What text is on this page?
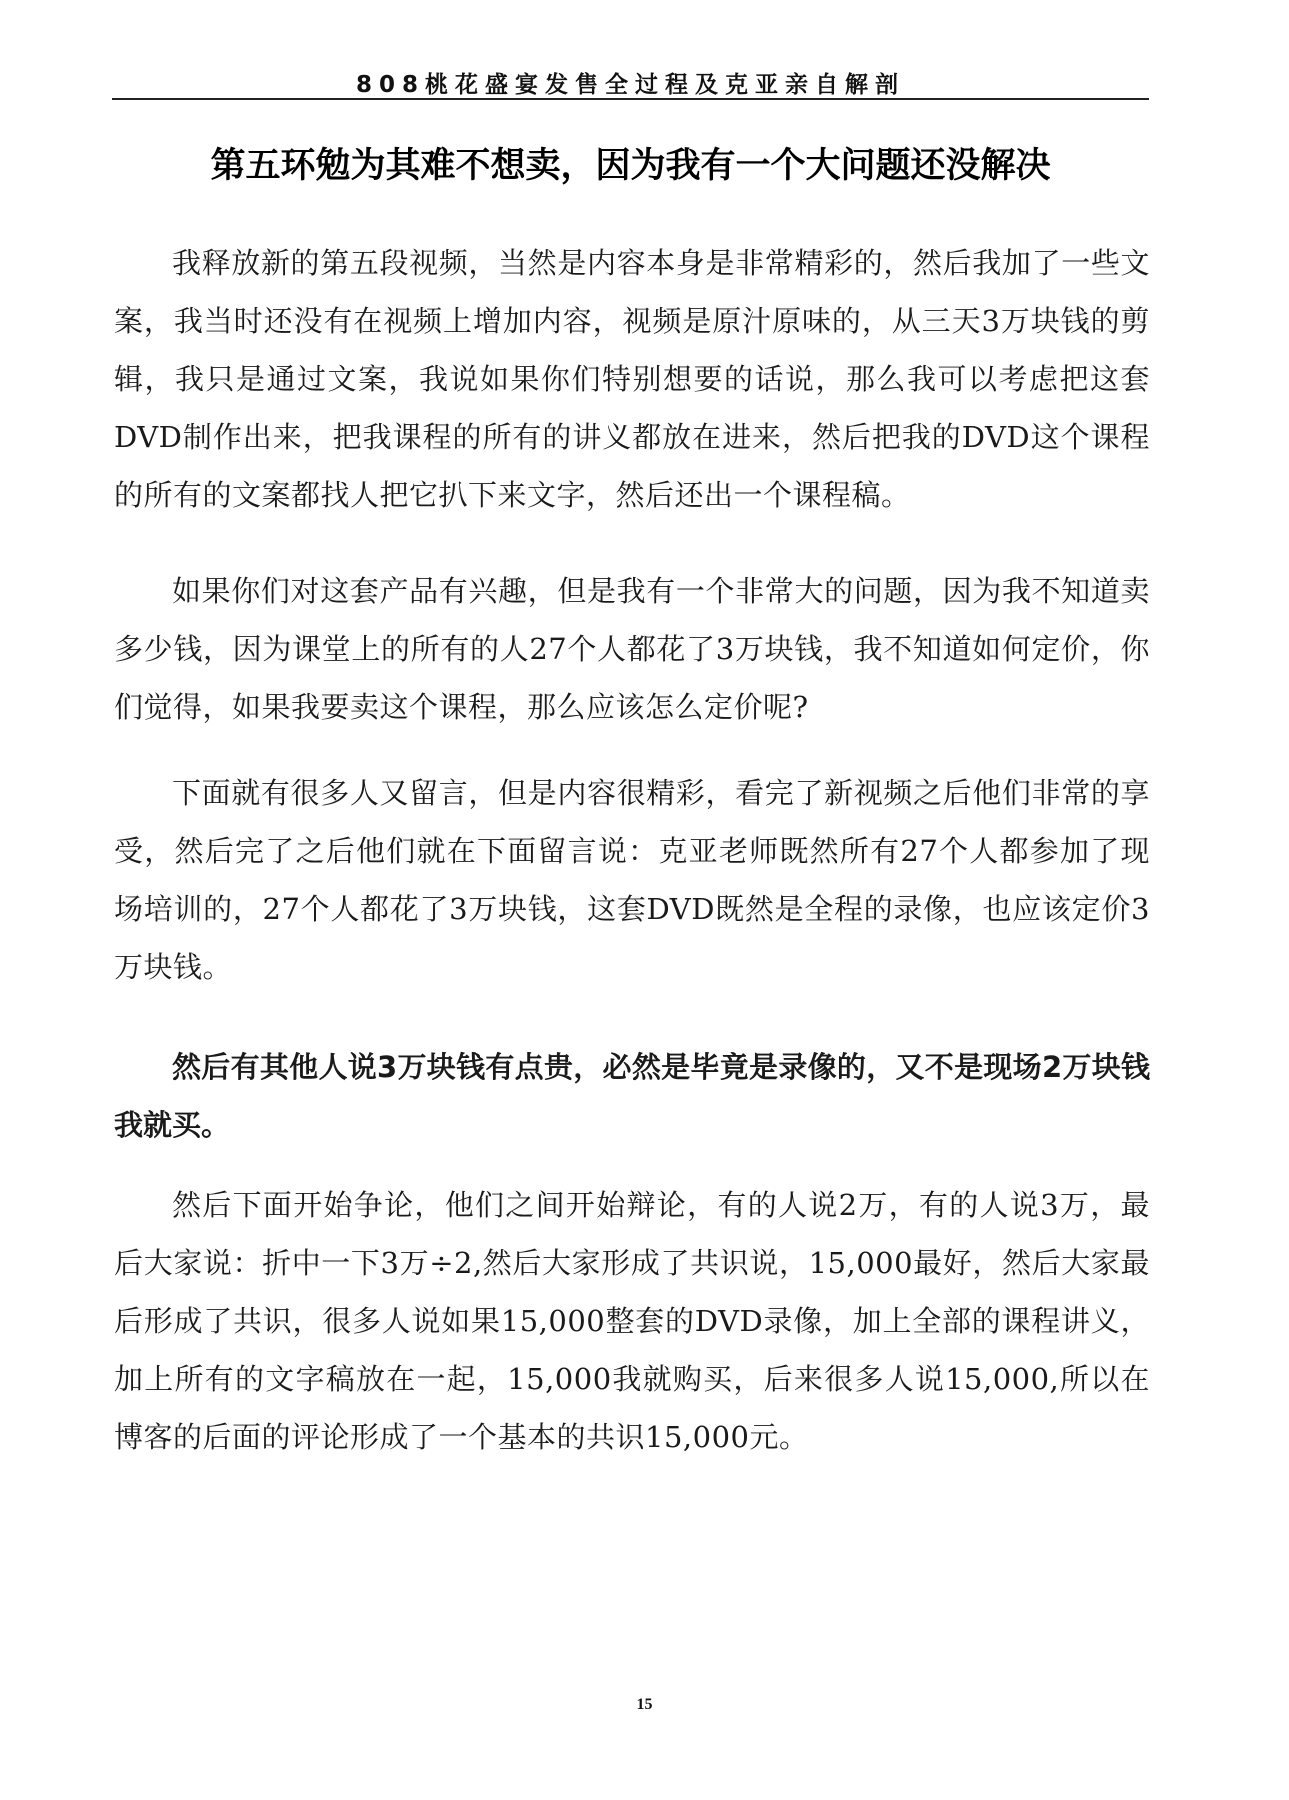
808桃花盛宴发售全过程及克亚亲自解剖
第五环勉为其难不想卖，因为我有一个大问题还没解决

我释放新的第五段视频，当然是内容本身是非常精彩的，然后我加了一些文案，我当时还没有在视频上增加内容，视频是原汁原味的，从三天3万块钱的剪辑，我只是通过文案，我说如果你们特别想要的话说，那么我可以考虑把这套DVD制作出来，把我课程的所有的讲义都放在进来，然后把我的DVD这个课程的所有的文案都找人把它扒下来文字，然后还出一个课程稿。

如果你们对这套产品有兴趣，但是我有一个非常大的问题，因为我不知道卖多少钱，因为课堂上的所有的人27个人都花了3万块钱，我不知道如何定价，你们觉得，如果我要卖这个课程，那么应该怎么定价呢?

下面就有很多人又留言，但是内容很精彩，看完了新视频之后他们非常的享受，然后完了之后他们就在下面留言说：克亚老师既然所有27个人都参加了现场培训的，27个人都花了3万块钱，这套DVD既然是全程的录像，也应该定价3万块钱。

然后有其他人说3万块钱有点贵，必然是毕竟是录像的，又不是现场2万块钱我就买。

然后下面开始争论，他们之间开始辩论，有的人说2万，有的人说3万，最后大家说：折中一下3万÷2,然后大家形成了共识说，15,000最好，然后大家最后形成了共识，很多人说如果15,000整套的DVD录像，加上全部的课程讲义，加上所有的文字稿放在一起，15,000我就购买，后来很多人说15,000,所以在博客的后面的评论形成了一个基本的共识15,000元。

15
